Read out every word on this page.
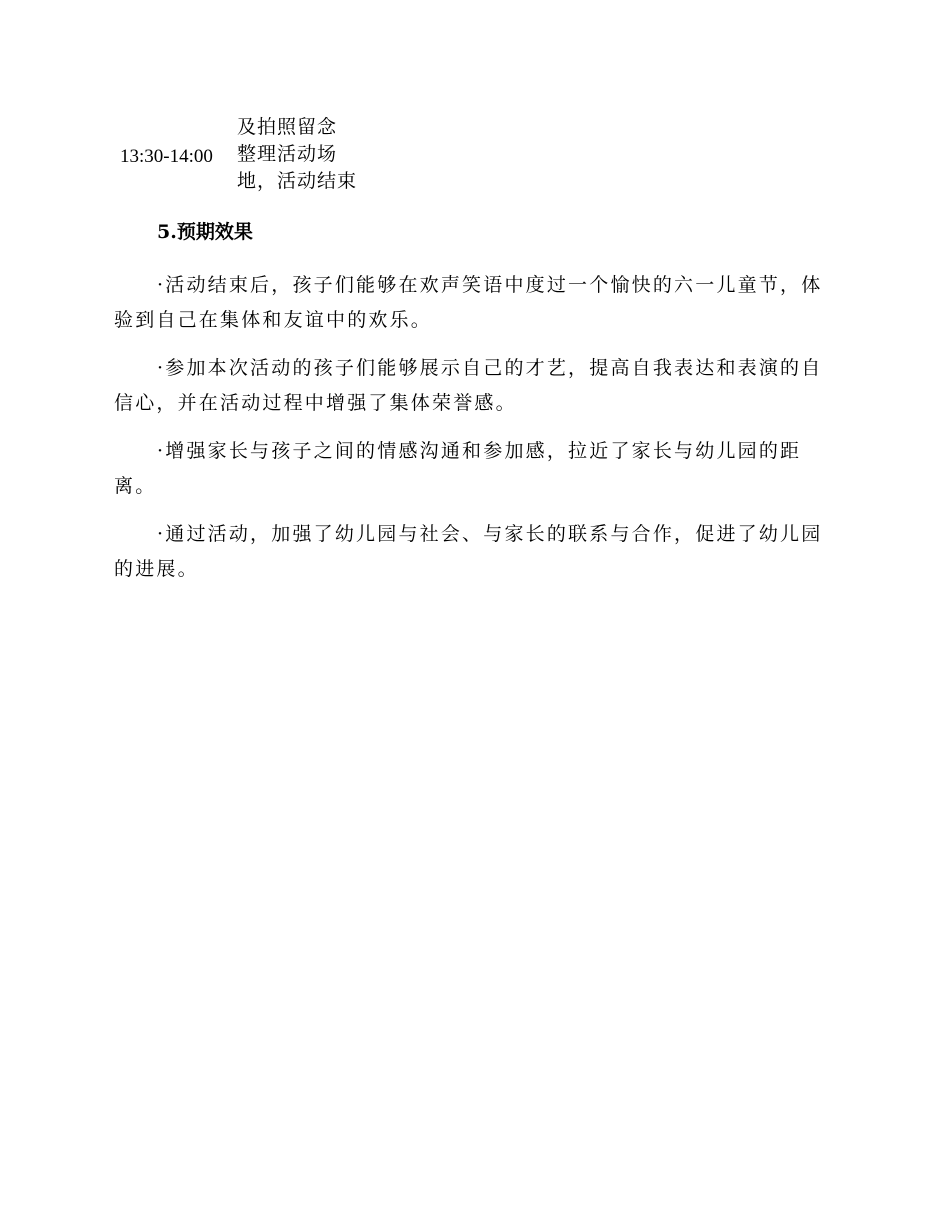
及拍照留念
13:30-14:00 整理活动场
地，活动结束
5.预期效果

·活动结束后，孩子们能够在欢声笑语中度过一个愉快的六一儿童节，体验到自己在集体和友谊中的欢乐。

·参加本次活动的孩子们能够展示自己的才艺，提高自我表达和表演的自信心，并在活动过程中增强了集体荣誉感。

·增强家长与孩子之间的情感沟通和参加感，拉近了家长与幼儿园的距离。

·通过活动，加强了幼儿园与社会、与家长的联系与合作，促进了幼儿园的进展。
